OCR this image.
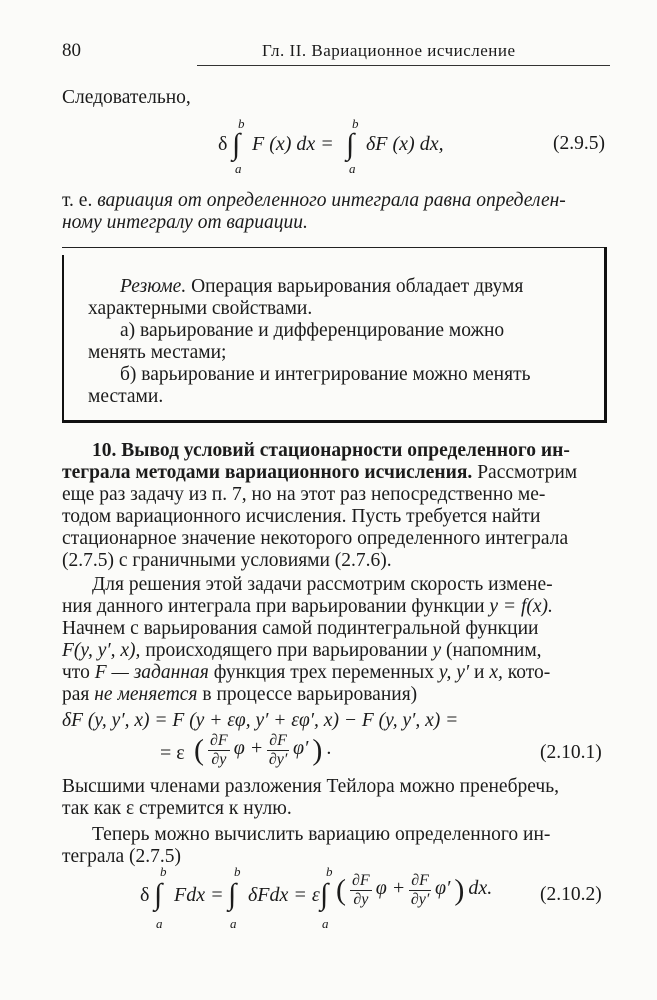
80	Гл. II. Вариационное исчисление
Следовательно,
δ
b
∫
a
F (x) dx =
b
∫
a
δF (x) dx,	(2.9.5)
т. е. вариация от определенного интеграла равна определен-
ному интегралу от вариации.
Резюме. Операция варьирования обладает двумя
характерными свойствами.
а) варьирование и дифференцирование можно
менять местами;
б) варьирование и интегрирование можно менять
местами.
10. Вывод условий стационарности определенного ин-
теграла методами вариационного исчисления. Рассмотрим
еще раз задачу из п. 7, но на этот раз непосредственно ме-
тодом вариационного исчисления. Пусть требуется найти
стационарное значение некоторого определенного интеграла
(2.7.5) с граничными условиями (2.7.6).
Для решения этой задачи рассмотрим скорость измене-
ния данного интеграла при варьировании функции y = f(x).
Начнем с варьирования самой подинтегральной функции
F(y, y′, x), происходящего при варьировании y (напомним,
что F — заданная функция трех переменных y, y′ и x, кото-
рая не меняется в процессе варьирования)
δF (y, y′, x) = F (y + εφ, y′ + εφ′, x) − F (y, y′, x) =
= ε ( $\frac{\partial F}{\partial y}$ $\varphi + \frac{\partial F}{\partial y'} \varphi'$ ) .	(2.10.1)
Высшими членами разложения Тейлора можно пренебречь,
так как ε стремится к нулю.
Теперь можно вычислить вариацию определенного ин-
теграла (2.7.5)
δ
b
∫
a
Fdx =
b
∫
a
δFdx = ε
b
∫
a
( $\frac{\partial F}{\partial y}$ $\varphi + \frac{\partial F}{\partial y'} \varphi'$ ) dx. (2.10.2)
